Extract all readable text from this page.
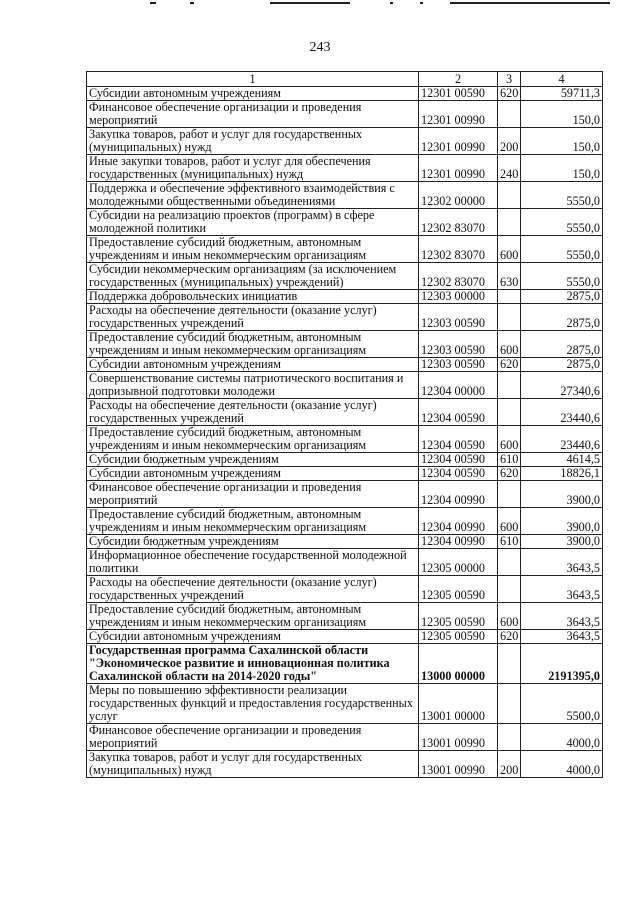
243
1	2	3	4
Субсидии автономным учреждениям	12301 00590	620	59711,3
Финансовое обеспечение организации и проведения мероприятий	12301 00990		150,0
Закупка товаров, работ и услуг для государственных (муниципальных) нужд	12301 00990	200	150,0
Иные закупки товаров, работ и услуг для обеспечения государственных (муниципальных) нужд	12301 00990	240	150,0
Поддержка и обеспечение эффективного взаимодействия с молодежными общественными объединениями	12302 00000		5550,0
Субсидии на реализацию проектов (программ) в сфере молодежной политики	12302 83070		5550,0
Предоставление субсидий бюджетным, автономным учреждениям и иным некоммерческим организациям	12302 83070	600	5550,0
Субсидии некоммерческим организациям (за исключением государственных (муниципальных) учреждений)	12302 83070	630	5550,0
Поддержка добровольческих инициатив	12303 00000		2875,0
Расходы на обеспечение деятельности (оказание услуг) государственных учреждений	12303 00590		2875,0
Предоставление субсидий бюджетным, автономным учреждениям и иным некоммерческим организациям	12303 00590	600	2875,0
Субсидии автономным учреждениям	12303 00590	620	2875,0
Совершенствование системы патриотического воспитания и допризывной подготовки молодежи	12304 00000		27340,6
Расходы на обеспечение деятельности (оказание услуг) государственных учреждений	12304 00590		23440,6
Предоставление субсидий бюджетным, автономным учреждениям и иным некоммерческим организациям	12304 00590	600	23440,6
Субсидии бюджетным учреждениям	12304 00590	610	4614,5
Субсидии автономным учреждениям	12304 00590	620	18826,1
Финансовое обеспечение организации и проведения мероприятий	12304 00990		3900,0
Предоставление субсидий бюджетным, автономным учреждениям и иным некоммерческим организациям	12304 00990	600	3900,0
Субсидии бюджетным учреждениям	12304 00990	610	3900,0
Информационное обеспечение государственной молодежной политики	12305 00000		3643,5
Расходы на обеспечение деятельности (оказание услуг) государственных учреждений	12305 00590		3643,5
Предоставление субсидий бюджетным, автономным учреждениям и иным некоммерческим организациям	12305 00590	600	3643,5
Субсидии автономным учреждениям	12305 00590	620	3643,5
Государственная программа Сахалинской области "Экономическое развитие и инновационная политика Сахалинской области на 2014-2020 годы"	13000 00000		2191395,0
Меры по повышению эффективности реализации государственных функций и предоставления государственных услуг	13001 00000		5500,0
Финансовое обеспечение организации и проведения мероприятий	13001 00990		4000,0
Закупка товаров, работ и услуг для государственных (муниципальных) нужд	13001 00990	200	4000,0
